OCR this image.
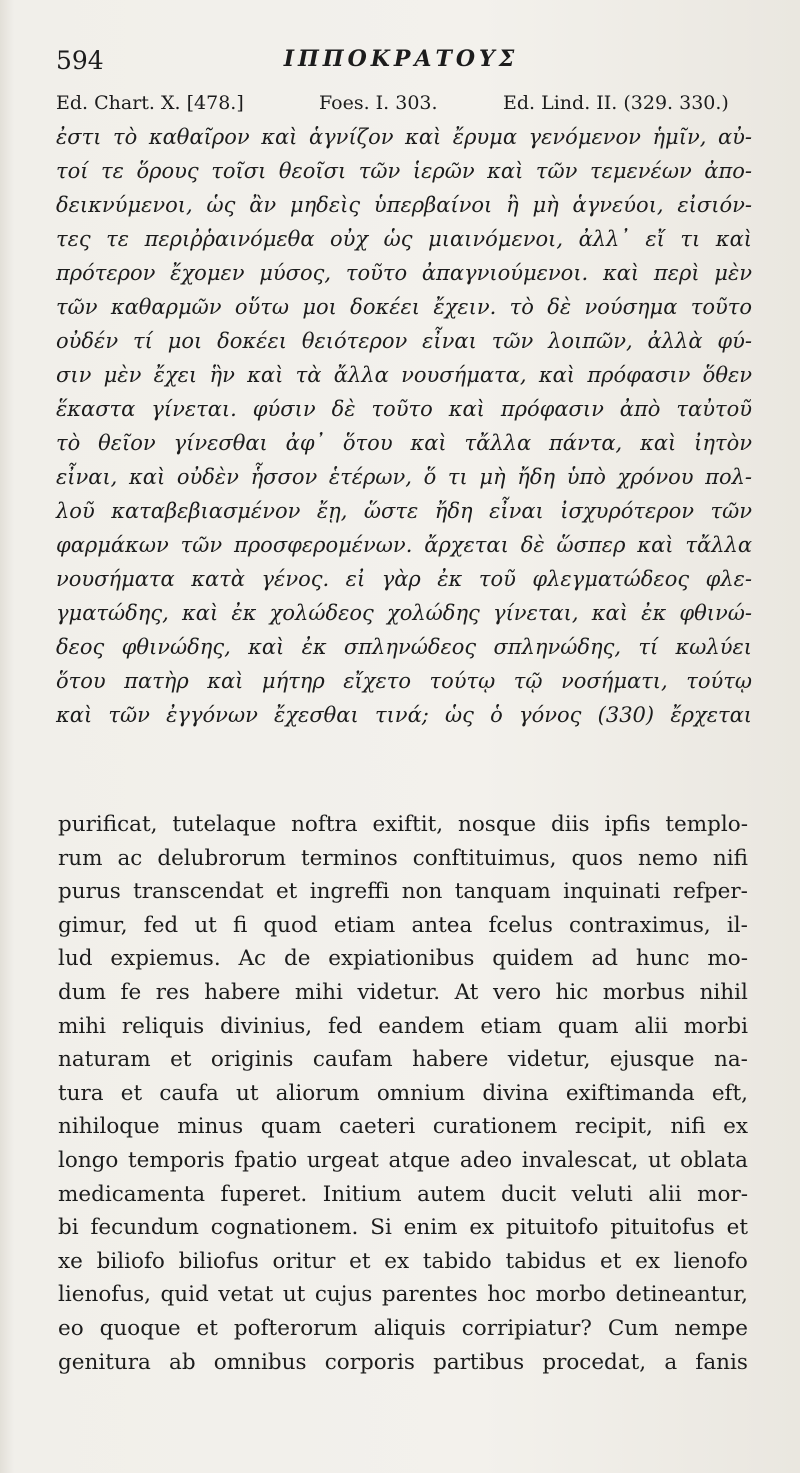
594	ΙΠΠΟΚΡΑΤΟΥΣ
Ed. Chart. X. [478.]	Foes. I. 303.	Ed. Lind. II. (329. 330.)
ἐστι τὸ καθαῖρον καὶ ἁγνίζον καὶ ἔρυμα γενόμενον ἡμῖν, αὐ-
τοί τε ὅρους τοῖσι θεοῖσι τῶν ἱερῶν καὶ τῶν τεμενέων ἀπο-
δεικνύμενοι, ὡς ἂν μηδεὶς ὑπερβαίνοι ἢ μὴ ἁγνεύοι, εἰσιόν-
τες τε περιῤῥαινόμεθα οὐχ ὡς μιαινόμενοι, ἀλλ᾽ εἴ τι καὶ
πρότερον ἔχομεν μύσος, τοῦτο ἀπαγνιούμενοι. καὶ περὶ μὲν
τῶν καθαρμῶν οὕτω μοι δοκέει ἔχειν. τὸ δὲ νούσημα τοῦτο
οὐδέν τί μοι δοκέει θειότερον εἶναι τῶν λοιπῶν, ἀλλὰ φύ-
σιν μὲν ἔχει ἣν καὶ τὰ ἄλλα νουσήματα, καὶ πρόφασιν ὅθεν
ἕκαστα γίνεται. φύσιν δὲ τοῦτο καὶ πρόφασιν ἀπὸ ταὐτοῦ
τὸ θεῖον γίνεσθαι ἀφ᾽ ὅτου καὶ τἄλλα πάντα, καὶ ἰητὸν
εἶναι, καὶ οὐδὲν ἧσσον ἑτέρων, ὅ τι μὴ ἤδη ὑπὸ χρόνου πολ-
λοῦ καταβεβιασμένον ἔῃ, ὥστε ἤδη εἶναι ἰσχυρότερον τῶν
φαρμάκων τῶν προσφερομένων. ἄρχεται δὲ ὥσπερ καὶ τἄλλα
νουσήματα κατὰ γένος. εἰ γὰρ ἐκ τοῦ φλεγματώδεος φλε-
γματώδης, καὶ ἐκ χολώδεος χολώδης γίνεται, καὶ ἐκ φθινώ-
δεος φθινώδης, καὶ ἐκ σπληνώδεος σπληνώδης, τί κωλύει
ὅτου πατὴρ καὶ μήτηρ εἴχετο τούτῳ τῷ νοσήματι, τούτῳ
καὶ τῶν ἐγγόνων ἔχεσθαι τινά; ὡς ὁ γόνος (330) ἔρχεται
purificat, tutelaque noftra exiftit, nosque diis ipfis templo-
rum ac delubrorum terminos conftituimus, quos nemo nifi
purus transcendat et ingreffi non tanquam inquinati refper-
gimur, fed ut fi quod etiam antea fcelus contraximus, il-
lud expiemus. Ac de expiationibus quidem ad hunc mo-
dum fe res habere mihi videtur. At vero hic morbus nihil
mihi reliquis divinius, fed eandem etiam quam alii morbi
naturam et originis caufam habere videtur, ejusque na-
tura et caufa ut aliorum omnium divina exiftimanda eft,
nihiloque minus quam caeteri curationem recipit, nifi ex
longo temporis fpatio urgeat atque adeo invalescat, ut oblata
medicamenta fuperet. Initium autem ducit veluti alii mor-
bi fecundum cognationem. Si enim ex pituitofo pituitofus et
xe biliofo biliofus oritur et ex tabido tabidus et ex lienofo
lienofus, quid vetat ut cujus parentes hoc morbo detineantur,
eo quoque et pofterorum aliquis corripiatur? Cum nempe
genitura ab omnibus corporis partibus procedat, a fanis
